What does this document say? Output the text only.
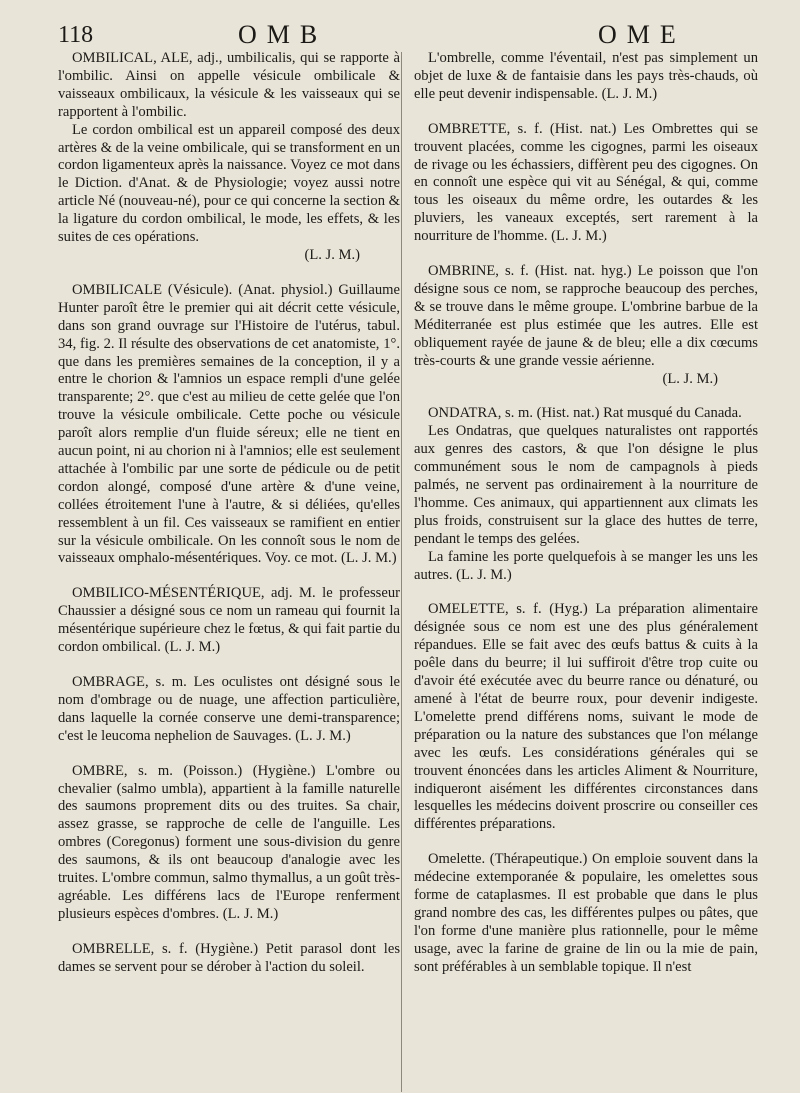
118	OMB	OME

OMBILICAL, ALE, adj., umbilicalis, qui se rapporte à l'ombilic. Ainsi on appelle vésicule ombilicale & vaisseaux ombilicaux, la vésicule & les vaisseaux qui se rapportent à l'ombilic.

Le cordon ombilical est un appareil composé des deux artères & de la veine ombilicale, qui se transforment en un cordon ligamenteux après la naissance. Voyez ce mot dans le Diction. d'Anat. & de Physiologie; voyez aussi notre article Né (nouveau-né), pour ce qui concerne la section & la ligature du cordon ombilical, le mode, les effets, & les suites de ces opérations.

(L. J. M.)

OMBILICALE (Vésicule). (Anat. physiol.) Guillaume Hunter paroît être le premier qui ait décrit cette vésicule, dans son grand ouvrage sur l'Histoire de l'utérus, tabul. 34, fig. 2. Il résulte des observations de cet anatomiste, 1°. que dans les premières semaines de la conception, il y a entre le chorion & l'amnios un espace rempli d'une gelée transparente; 2°. que c'est au milieu de cette gelée que l'on trouve la vésicule ombilicale. Cette poche ou vésicule paroît alors remplie d'un fluide séreux; elle ne tient en aucun point, ni au chorion ni à l'amnios; elle est seulement attachée à l'ombilic par une sorte de pédicule ou de petit cordon alongé, composé d'une artère & d'une veine, collées étroitement l'une à l'autre, & si déliées, qu'elles ressemblent à un fil. Ces vaisseaux se ramifient en entier sur la vésicule ombilicale. On les connoît sous le nom de vaisseaux omphalo-mésentériques. Voy. ce mot. (L. J. M.)

OMBILICO-MÉSENTÉRIQUE, adj. M. le professeur Chaussier a désigné sous ce nom un rameau qui fournit la mésentérique supérieure chez le fœtus, & qui fait partie du cordon ombilical. (L. J. M.)

OMBRAGE, s. m. Les oculistes ont désigné sous le nom d'ombrage ou de nuage, une affection particulière, dans laquelle la cornée conserve une demi-transparence; c'est le leucoma nephelion de Sauvages. (L. J. M.)

OMBRE, s. m. (Poisson.) (Hygiène.) L'ombre ou chevalier (salmo umbla), appartient à la famille naturelle des saumons proprement dits ou des truites. Sa chair, assez grasse, se rapproche de celle de l'anguille. Les ombres (Coregonus) forment une sous-division du genre des saumons, & ils ont beaucoup d'analogie avec les truites. L'ombre commun, salmo thymallus, a un goût très-agréable. Les différens lacs de l'Europe renferment plusieurs espèces d'ombres. (L. J. M.)

OMBRELLE, s. f. (Hygiène.) Petit parasol dont les dames se servent pour se dérober à l'action du soleil.

L'ombrelle, comme l'éventail, n'est pas simplement un objet de luxe & de fantaisie dans les pays très-chauds, où elle peut devenir indispensable. (L. J. M.)

OMBRETTE, s. f. (Hist. nat.) Les Ombrettes qui se trouvent placées, comme les cigognes, parmi les oiseaux de rivage ou les échassiers, diffèrent peu des cigognes. On en connoît une espèce qui vit au Sénégal, & qui, comme tous les oiseaux du même ordre, les outardes & les pluviers, les vaneaux exceptés, sert rarement à la nourriture de l'homme. (L. J. M.)

OMBRINE, s. f. (Hist. nat. hyg.) Le poisson que l'on désigne sous ce nom, se rapproche beaucoup des perches, & se trouve dans le même groupe. L'ombrine barbue de la Méditerranée est plus estimée que les autres. Elle est obliquement rayée de jaune & de bleu; elle a dix cœcums très-courts & une grande vessie aérienne.

(L. J. M.)

ONDATRA, s. m. (Hist. nat.) Rat musqué du Canada.

Les Ondatras, que quelques naturalistes ont rapportés aux genres des castors, & que l'on désigne le plus communément sous le nom de campagnols à pieds palmés, ne servent pas ordinairement à la nourriture de l'homme. Ces animaux, qui appartiennent aux climats les plus froids, construisent sur la glace des huttes de terre, pendant le temps des gelées.

La famine les porte quelquefois à se manger les uns les autres. (L. J. M.)

OMELETTE, s. f. (Hyg.) La préparation alimentaire désignée sous ce nom est une des plus généralement répandues. Elle se fait avec des œufs battus & cuits à la poêle dans du beurre; il lui suffiroit d'être trop cuite ou d'avoir été exécutée avec du beurre rance ou dénaturé, ou amené à l'état de beurre roux, pour devenir indigeste. L'omelette prend différens noms, suivant le mode de préparation ou la nature des substances que l'on mélange avec les œufs. Les considérations générales qui se trouvent énoncées dans les articles Aliment & Nourriture, indiqueront aisément les différentes circonstances dans lesquelles les médecins doivent proscrire ou conseiller ces différentes préparations.

Omelette. (Thérapeutique.) On emploie souvent dans la médecine extemporanée & populaire, les omelettes sous forme de cataplasmes. Il est probable que dans le plus grand nombre des cas, les différentes pulpes ou pâtes, que l'on forme d'une manière plus rationnelle, pour le même usage, avec la farine de graine de lin ou la mie de pain, sont préférables à un semblable topique. Il n'est
